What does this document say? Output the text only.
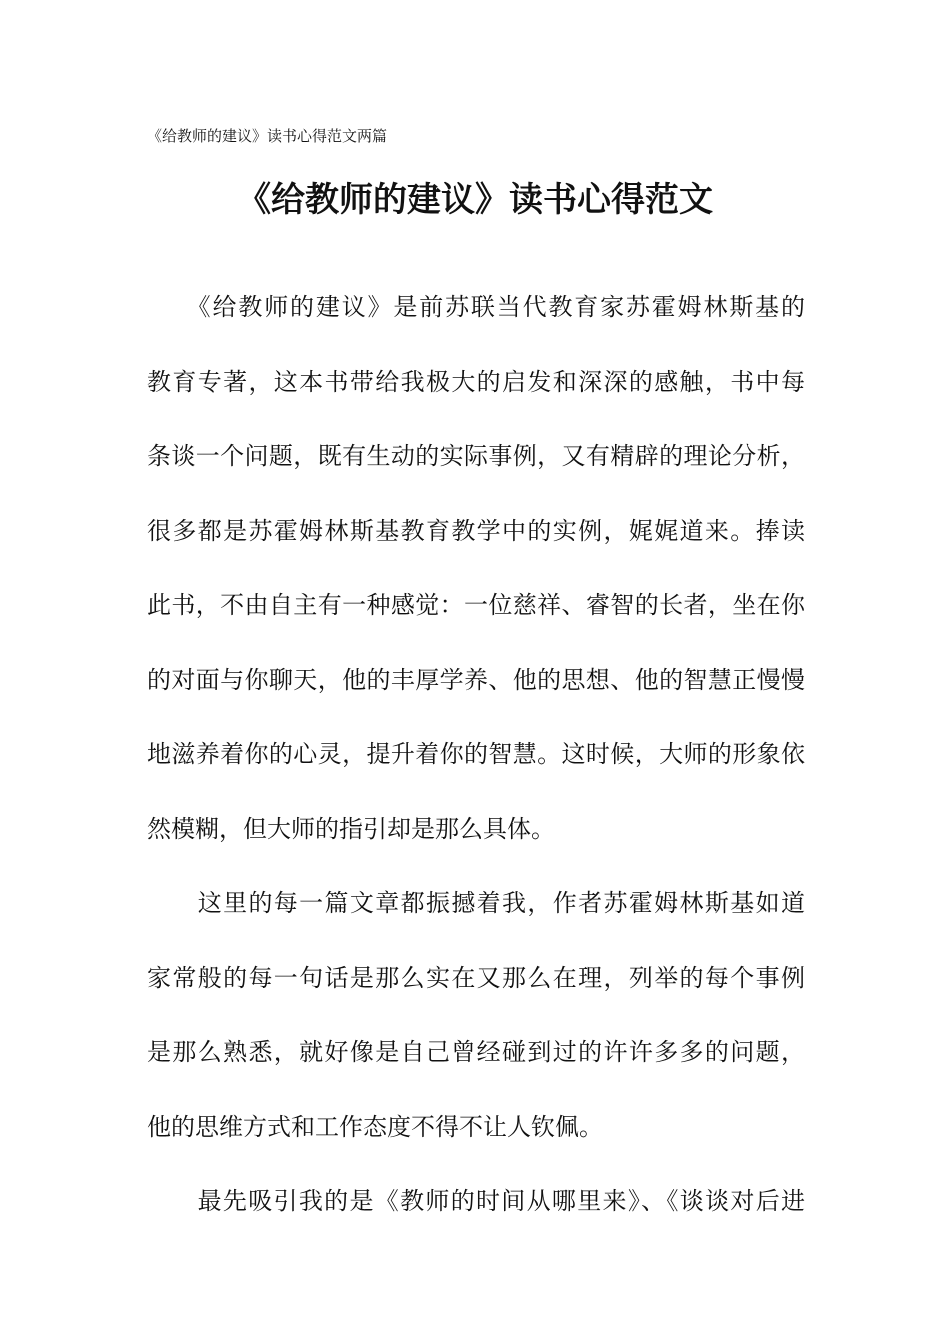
《给教师的建议》读书心得范文两篇
《给教师的建议》读书心得范文
　　《给教师的建议》是前苏联当代教育家苏霍姆林斯基的
教育专著，这本书带给我极大的启发和深深的感触，书中每
条谈一个问题，既有生动的实际事例，又有精辟的理论分析，
很多都是苏霍姆林斯基教育教学中的实例，娓娓道来。捧读
此书，不由自主有一种感觉：一位慈祥、睿智的长者，坐在你
的对面与你聊天，他的丰厚学养、他的思想、他的智慧正慢慢
地滋养着你的心灵，提升着你的智慧。这时候，大师的形象依
然模糊，但大师的指引却是那么具体。
　　这里的每一篇文章都振撼着我，作者苏霍姆林斯基如道
家常般的每一句话是那么实在又那么在理，列举的每个事例
是那么熟悉，就好像是自己曾经碰到过的许许多多的问题，
他的思维方式和工作态度不得不让人钦佩。
　　最先吸引我的是《教师的时间从哪里来》、《谈谈对后进
